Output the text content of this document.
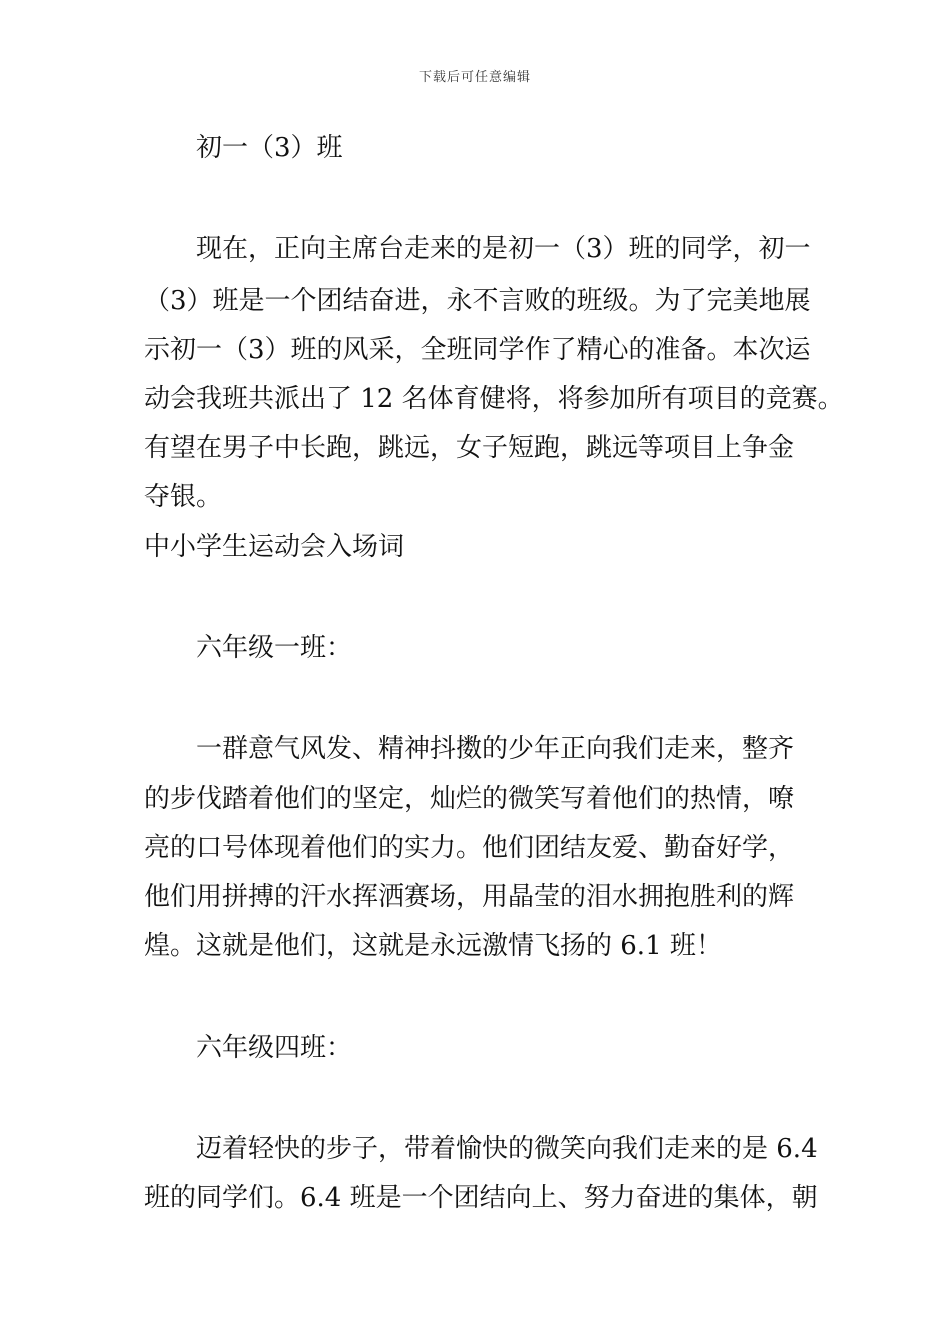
下载后可任意编辑
初一（3）班
现在，正向主席台走来的是初一（3）班的同学，初一
（3）班是一个团结奋进，永不言败的班级。为了完美地展
示初一（3）班的风采，全班同学作了精心的准备。本次运
动会我班共派出了 12 名体育健将，将参加所有项目的竞赛。
有望在男子中长跑，跳远，女子短跑，跳远等项目上争金
夺银。
中小学生运动会入场词
六年级一班：
一群意气风发、精神抖擞的少年正向我们走来，整齐
的步伐踏着他们的坚定，灿烂的微笑写着他们的热情，嘹
亮的口号体现着他们的实力。他们团结友爱、勤奋好学，
他们用拼搏的汗水挥洒赛场，用晶莹的泪水拥抱胜利的辉
煌。这就是他们，这就是永远激情飞扬的 6.1 班！
六年级四班：
迈着轻快的步子，带着愉快的微笑向我们走来的是 6.4
班的同学们。6.4 班是一个团结向上、努力奋进的集体，朝
